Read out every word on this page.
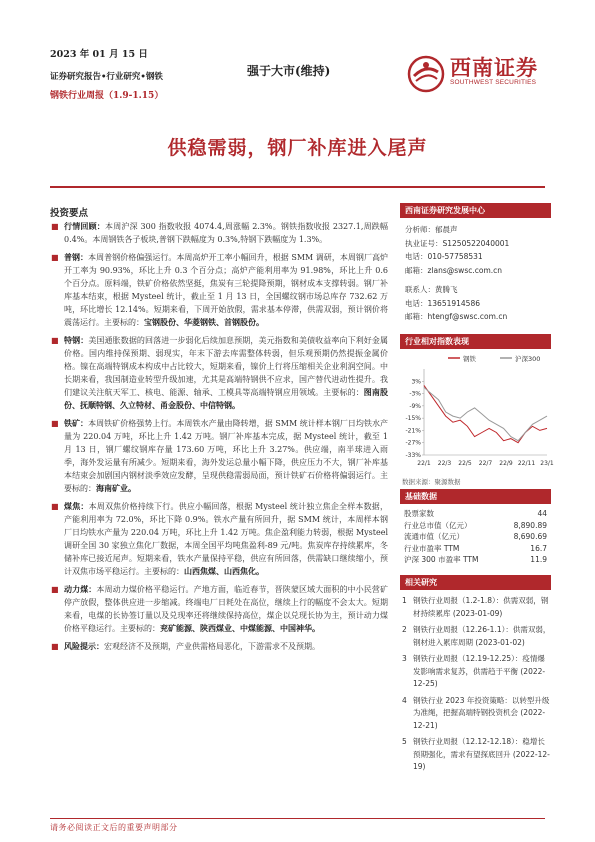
2023 年 01 月 15 日
证券研究报告•行业研究•钢铁
钢铁行业周报（1.9-1.15）
强于大市(维持)	西南证券
SOUTHWEST SECURITIES
供稳需弱，钢厂补库进入尾声
投资要点
■ 行情回顾：本周沪深 300 指数收报 4074.4,周涨幅 2.3%。钢铁指数收报 2327.1,周跌幅 0.4%。本周钢铁各子板块,普钢下跌幅度为 0.3%,特钢下跌幅度为 1.3%。
■ 普钢：本周普钢价格偏强运行。本周高炉开工率小幅回升，根据 SMM 调研，本周钢厂高炉开工率为 90.93%，环比上升 0.3 个百分点；高炉产能利用率为 91.98%，环比上升 0.6 个百分点。原料端，铁矿价格依然坚挺，焦炭有三轮提降预期，钢材成本支撑转弱。钢厂补库基本结束，根据 Mysteel 统计，截止至 1 月 13 日，全国螺纹钢市场总库存 732.62 万吨，环比增长 12.14%。短期来看，下周开始放假，需求基本停滞，供需双弱，预计钢价将震荡运行。主要标的：宝钢股份、华菱钢铁、首钢股份。
■ 特钢：美国通胀数据的回落进一步弱化后续加息预期，美元指数和美债收益率向下利好金属价格。国内维持保预期、弱现实，年末下游去库需整体转弱，但乐观预期仍然提振金属价格。镍在高端特钢成本构成中占比较大，短期来看，镍价上行将压缩相关企业利润空间。中长期来看，我国制造业转型升级加速，尤其是高端特钢供不应求，国产替代进动性提升。我们建议关注航天军工、核电、能源、轴承、工模具等高端特钢应用领域。主要标的：图南股份、抚顺特钢、久立特材、甬金股份、中信特钢。
■ 铁矿：本周铁矿价格强势上行。本周铁水产量由降转增，据 SMM 统计样本钢厂日均铁水产量为 220.04 万吨，环比上升 1.42 万吨。钢厂补库基本完成，据 Mysteel 统计，截至 1 月 13 日，钢厂螺纹钢库存量 173.60 万吨，环比上升 3.27%。供应端，南半球进入雨季，海外发运量有所减少。短期来看，海外发运总量小幅下降，供应压力不大，钢厂补库基本结束会加剧国内钢材淡季效应发酵，呈现供稳需弱局面，预计铁矿石价格将偏弱运行。主要标的：海南矿业。
■ 煤焦：本周双焦价格持续下行。供应小幅回落，根据 Mysteel 统计独立焦企全样本数据，产能利用率为 72.0%，环比下降 0.9%。铁水产量有所回升，据 SMM 统计，本周样本钢厂日均铁水产量为 220.04 万吨，环比上升 1.42 万吨。焦企盈利能力转弱，根据 Mysteel 调研全国 30 家独立焦化厂数据，本周全国平均吨焦盈利-89 元/吨。焦炭库存持续累库，冬储补库已接近尾声。短期来看，铁水产量保持平稳，供应有所回落，供需缺口继续缩小，预计双焦市场平稳运行。主要标的：山西焦煤、山西焦化。
■ 动力煤：本周动力煤价格平稳运行。产地方面，临近春节，晋陕蒙区域大面积的中小民营矿停产放假，整体供应进一步缩减。终端电厂日耗处在高位，继续上行的幅度不会太大。短期来看，电煤的长协签订量以及兑现率还将继续保持高位，煤企以兑现长协为主，预计动力煤价格平稳运行。主要标的：兖矿能源、陕西煤业、中煤能源、中国神华。
■ 风险提示：宏观经济不及预期，产业供需格局恶化，下游需求不及预期。
西南证券研究发展中心
分析师：郁晨声
执业证号：S1250522040001
电话：010-57758531
邮箱：zlans@swsc.com.cn
联系人：黄腾飞
电话：13651914586
邮箱：htengf@swsc.com.cn
行业相对指数表现
钢铁	沪深300
3%
-3%
-9%
-15%
-21%
-27%
-33%
22/1 22/3 22/5 22/7 22/9 22/11 23/1
数据来源：聚源数据
基础数据
股票家数	44
行业总市值（亿元）	8,890.89
流通市值（亿元）	8,690.69
行业市盈率 TTM	16.7
沪深 300 市盈率 TTM	11.9
相关研究
1 钢铁行业周报（1.2-1.8）：供需双弱，钢材持续累库 (2023-01-09)
2 钢铁行业周报（12.26-1.1）：供需双弱，钢材进入累库周期 (2023-01-02)
3 钢铁行业周报（12.19-12.25）：疫情爆发影响需求复苏，供需趋于平衡 (2022-12-25)
4 钢铁行业 2023 年投资策略：以转型升级为准绳，把握高端特钢投资机会 (2022-12-21)
5 钢铁行业周报（12.12-12.18）：稳增长预期强化，需求有望探底回升 (2022-12-19)
请务必阅读正文后的重要声明部分
